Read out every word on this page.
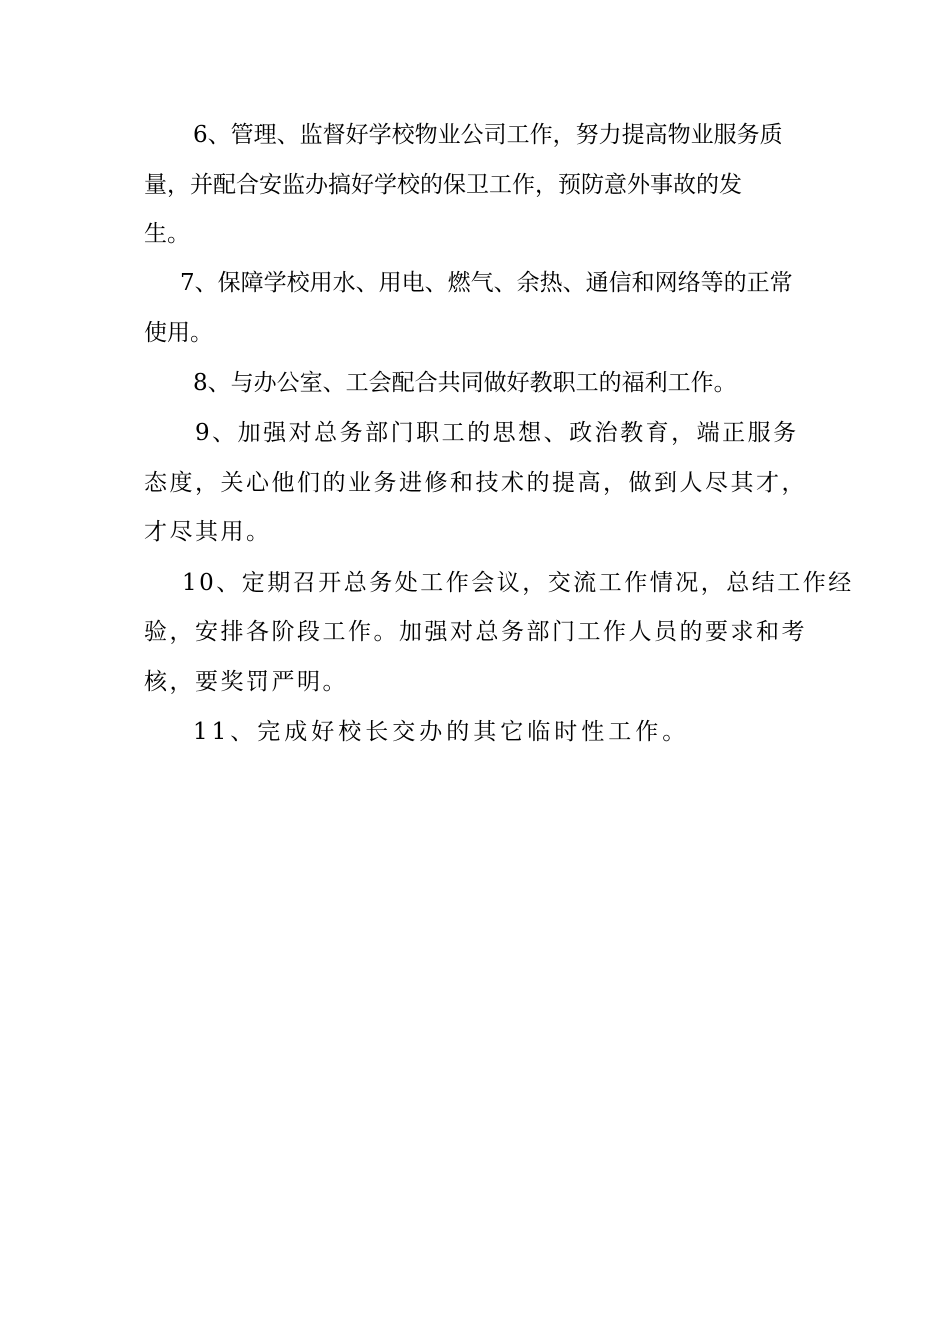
6、管理、监督好学校物业公司工作，努力提高物业服务质

量，并配合安监办搞好学校的保卫工作，预防意外事故的发

生。

7、保障学校用水、用电、燃气、余热、通信和网络等的正常

使用。

8、与办公室、工会配合共同做好教职工的福利工作。

9、加强对总务部门职工的思想、政治教育，端正服务

态度，关心他们的业务进修和技术的提高，做到人尽其才，

才尽其用。

10、定期召开总务处工作会议，交流工作情况，总结工作经

验，安排各阶段工作。加强对总务部门工作人员的要求和考

核，要奖罚严明。

11、完成好校长交办的其它临时性工作。
